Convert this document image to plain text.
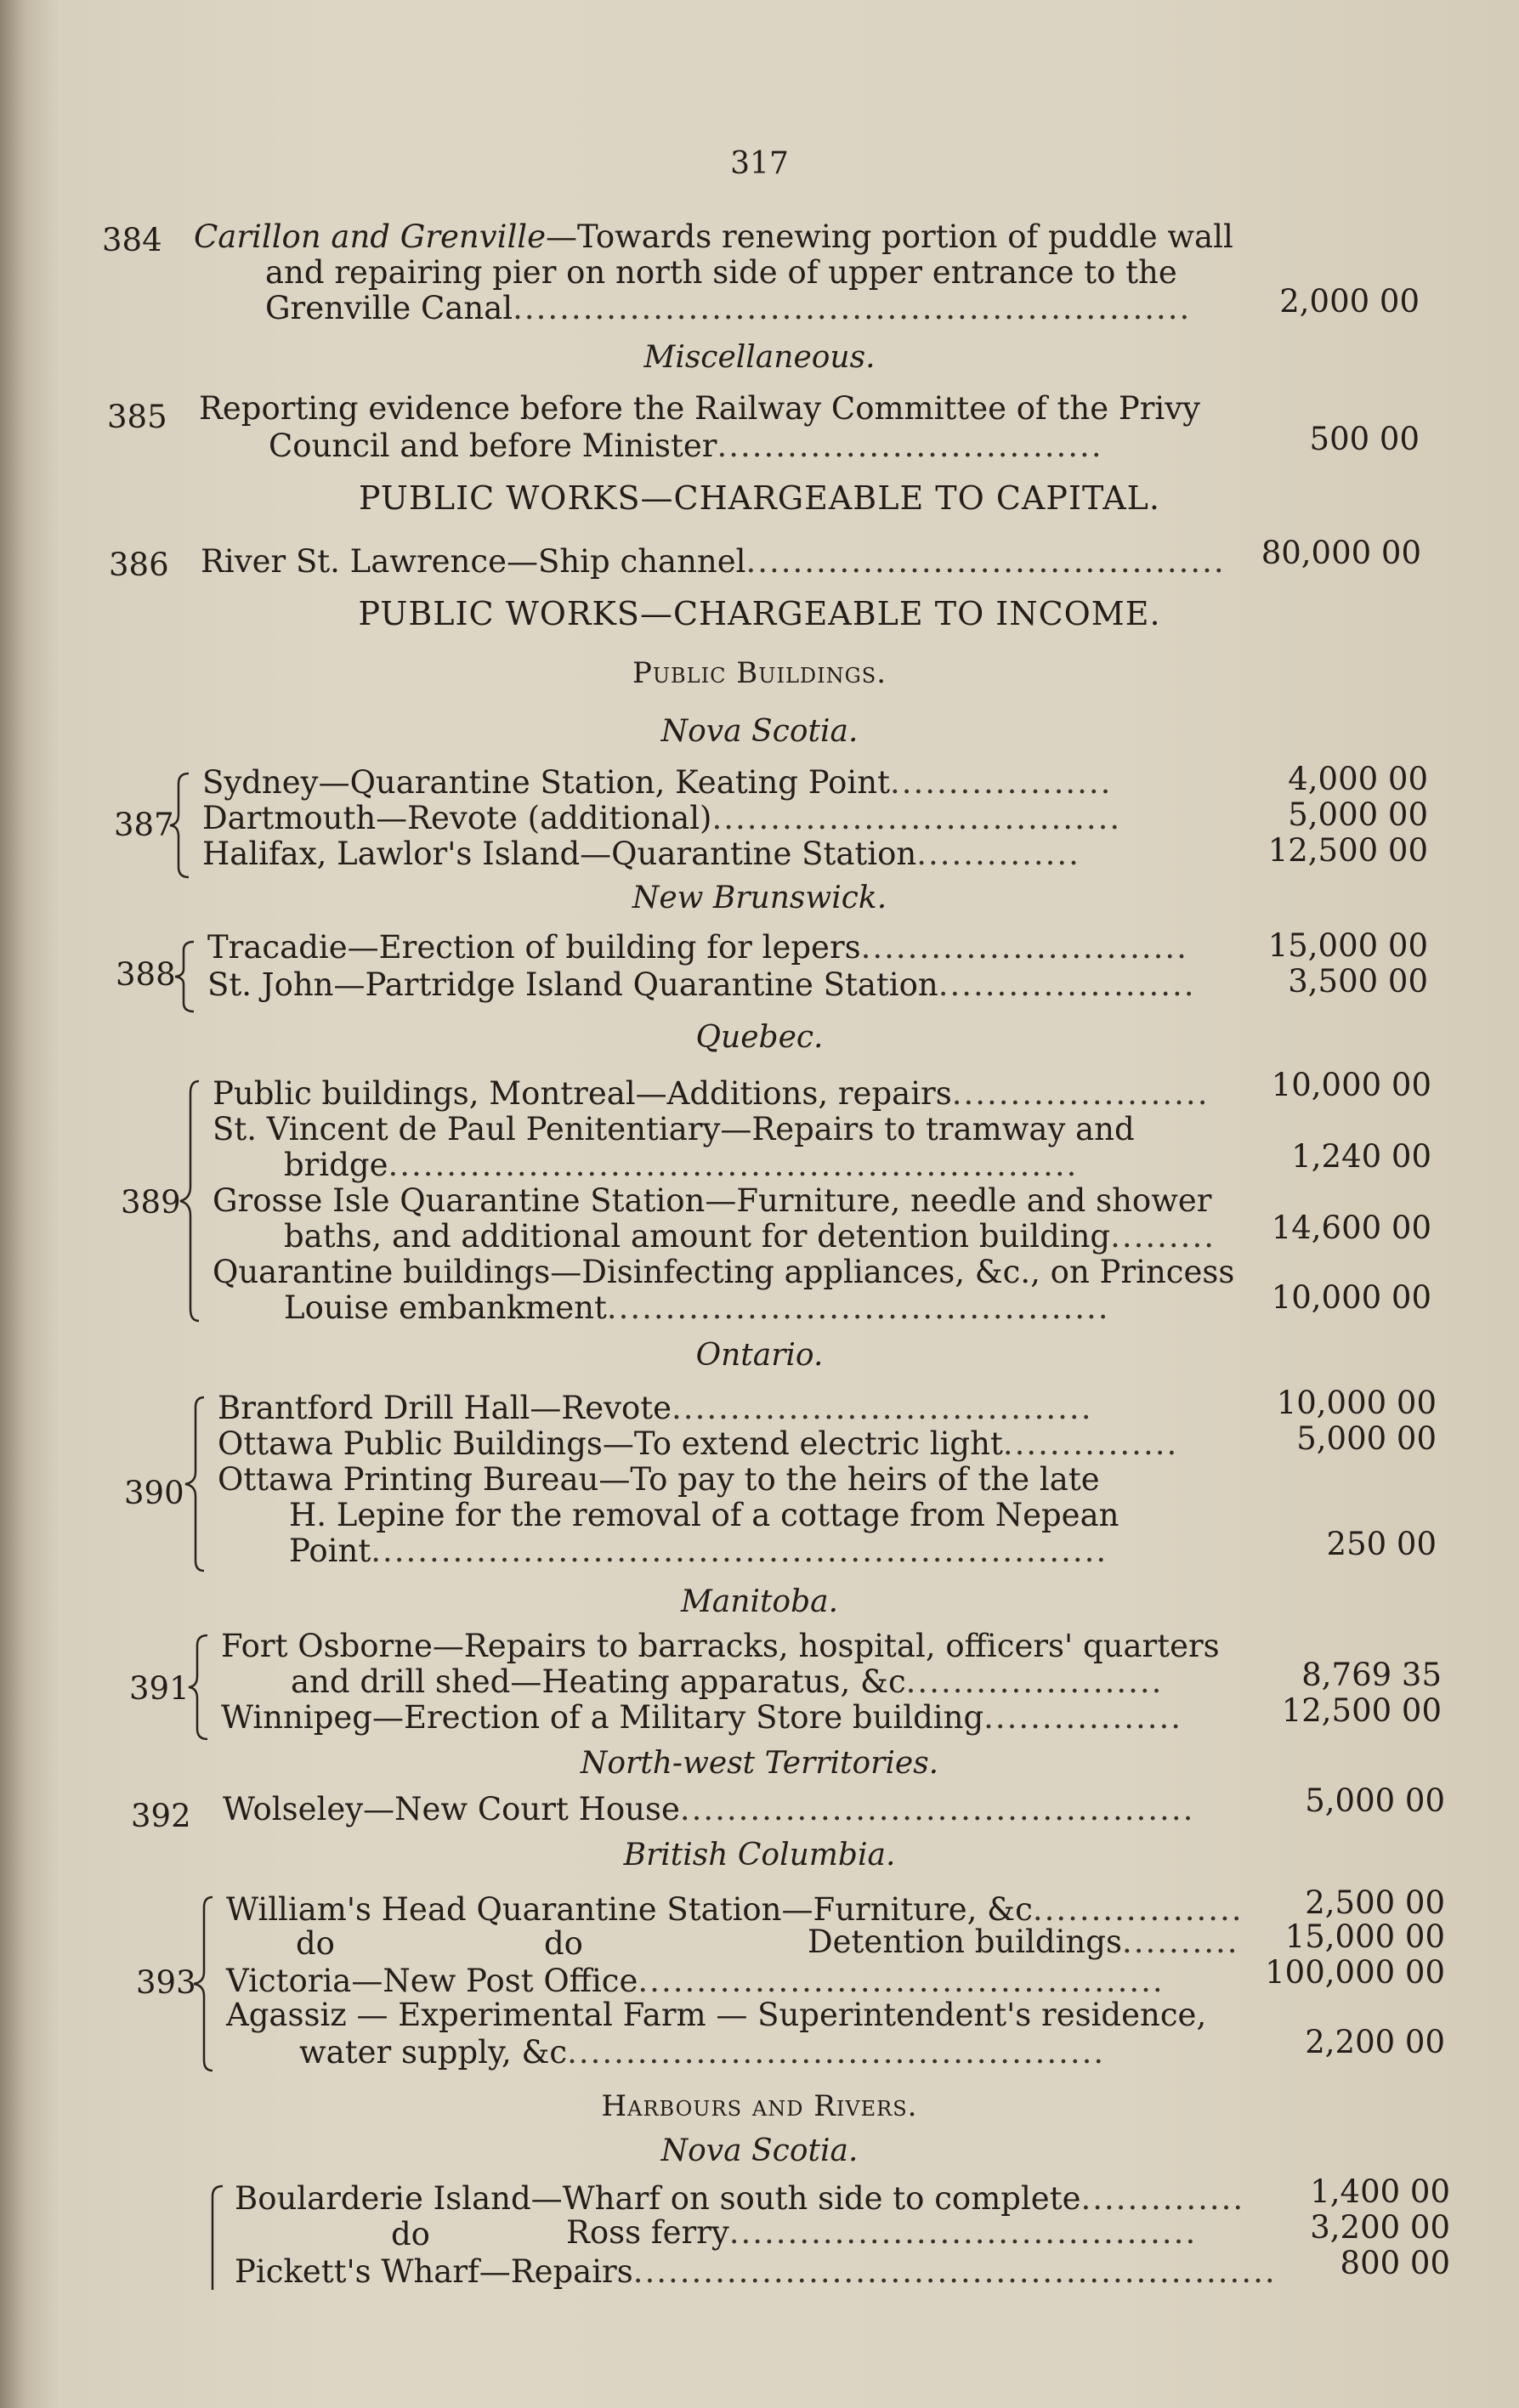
317
384 Carillon and Grenville—Towards renewing portion of puddle wall
and repairing pier on north side of upper entrance to the
Grenville Canal..........................................................	2,000 00
Miscellaneous.
385 Reporting evidence before the Railway Committee of the Privy
Council and before Minister.................................	500 00
PUBLIC WORKS—CHARGEABLE TO CAPITAL.
386 River St. Lawrence—Ship channel.........................................	80,000 00
PUBLIC WORKS—CHARGEABLE TO INCOME.
Public Buildings.
Nova Scotia.
387
Sydney—Quarantine Station, Keating Point...................	4,000 00
Dartmouth—Revote (additional)...................................	5,000 00
Halifax, Lawlor's Island—Quarantine Station..............	12,500 00
New Brunswick.
388
Tracadie—Erection of building for lepers............................	15,000 00
St. John—Partridge Island Quarantine Station......................	3,500 00
Quebec.
389
Public buildings, Montreal—Additions, repairs......................	10,000 00
St. Vincent de Paul Penitentiary—Repairs to tramway and
bridge...........................................................	1,240 00
Grosse Isle Quarantine Station—Furniture, needle and shower
baths, and additional amount for detention building.........	14,600 00
Quarantine buildings—Disinfecting appliances, &c., on Princess
Louise embankment...........................................	10,000 00
Ontario.
390
Brantford Drill Hall—Revote....................................	10,000 00
Ottawa Public Buildings—To extend electric light...............	5,000 00
Ottawa Printing Bureau—To pay to the heirs of the late
H. Lepine for the removal of a cottage from Nepean
Point...............................................................	250 00
Manitoba.
391
Fort Osborne—Repairs to barracks, hospital, officers' quarters
and drill shed—Heating apparatus, &c......................	8,769 35
Winnipeg—Erection of a Military Store building.................	12,500 00
North-west Territories.
392 Wolseley—New Court House............................................	5,000 00
British Columbia.
393
William's Head Quarantine Station—Furniture, &c..................	2,500 00
do	do	Detention buildings..........	15,000 00
Victoria—New Post Office.............................................	100,000 00
Agassiz — Experimental Farm — Superintendent's residence,
water supply, &c..............................................	2,200 00
Harbours and Rivers.
Nova Scotia.
Boularderie Island—Wharf on south side to complete..............	1,400 00
do	Ross ferry........................................	3,200 00
Pickett's Wharf—Repairs.......................................................	800 00
